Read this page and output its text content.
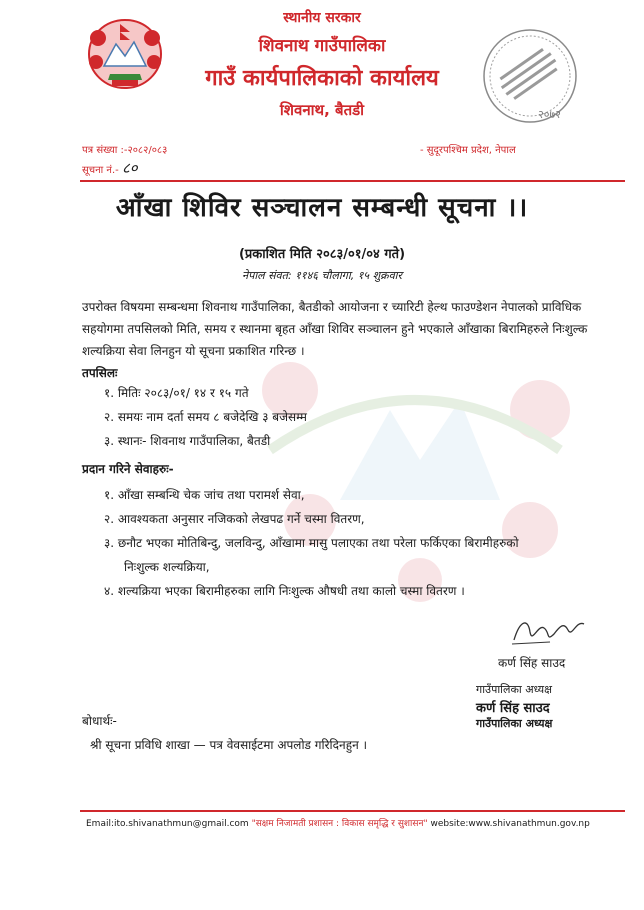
स्थानीय सरकार
शिवनाथ गाउँपालिका
गाउँ कार्यपालिकाको कार्यालय
शिवनाथ, बैतडी	२०७२
पत्र संख्या :-२०८२/०८३
सूचना नं.- ८०
- सुदूरपश्चिम प्रदेश, नेपाल
आँखा शिविर सञ्चालन सम्बन्धी सूचना ।।
(प्रकाशित मिति २०८३/०१/०४ गते)
नेपाल संवत: ११४६ चौलागा, १५ शुक्रवार
उपरोक्त विषयमा सम्बन्धमा शिवनाथ गाउँपालिका, बैतडीको आयोजना र च्यारिटी हेल्थ फाउण्डेशन नेपालको प्राविधिक सहयोगमा तपसिलको मिति, समय र स्थानमा बृहत आँखा शिविर सञ्चालन हुने भएकाले आँखाका बिरामिहरुले निःशुल्क शल्यक्रिया सेवा लिनहुन यो सूचना प्रकाशित गरिन्छ ।
तपसिलः
१. मितिः २०८३/०१/ १४ र १५ गते
२. समयः नाम दर्ता समय ८ बजेदेखि ३ बजेसम्म
३. स्थानः- शिवनाथ गाउँपालिका, बैतडी
प्रदान गरिने सेवाहरुः-
१. आँखा सम्बन्धि चेक जांच तथा परामर्श सेवा,
२. आवश्यकता अनुसार नजिकको लेखपढ गर्ने चस्मा वितरण,
३. छनौट भएका मोतिबिन्दु, जलविन्दु, आँखामा मासु पलाएका तथा परेला फर्किएका बिरामीहरुको
निःशुल्क शल्यक्रिया,
४. शल्यक्रिया भएका बिरामीहरुका लागि निःशुल्क औषधी तथा कालो चस्मा वितरण ।
कर्ण सिंह साउद
गाउँपालिका अध्यक्ष
कर्ण सिंह साउद
गाउँपालिका अध्यक्ष
बोधार्थः-
श्री सूचना प्रविधि शाखा — पत्र वेवसाईटमा अपलोड गरिदिनहुन ।
Email:ito.shivanathmun@gmail.com "सक्षम निजामती प्रशासन : विकास समृद्धि र सुशासन" website:www.shivanathmun.gov.np
